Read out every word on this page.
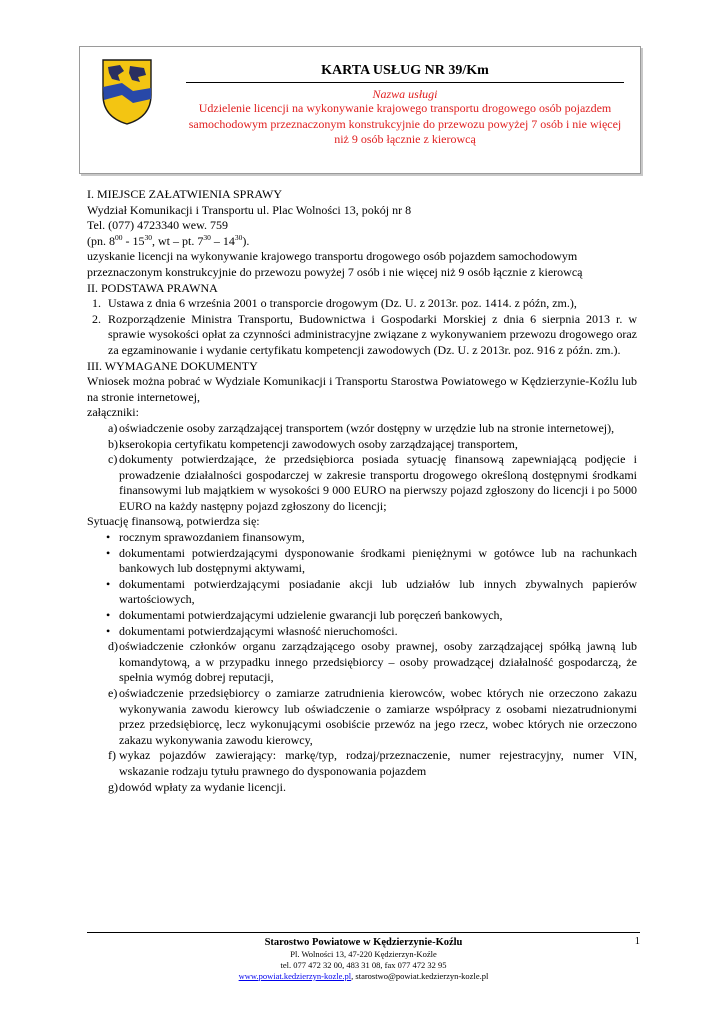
KARTA USŁUG NR 39/Km
Nazwa usługi
Udzielenie licencji na wykonywanie krajowego transportu drogowego osób pojazdem samochodowym przeznaczonym konstrukcyjnie do przewozu powyżej 7 osób i nie więcej niż 9 osób łącznie z kierowcą

I. MIEJSCE ZAŁATWIENIA SPRAWY

Wydział Komunikacji i Transportu ul. Plac Wolności 13, pokój nr 8

Tel. (077) 4723340 wew. 759

(pn. $8^{00} - 15^{30}$, wt – pt. $7^{30} - 14^{30}$).

uzyskanie licencji na wykonywanie krajowego transportu drogowego osób pojazdem samochodowym przeznaczonym konstrukcyjnie do przewozu powyżej 7 osób i nie więcej niż 9 osób łącznie z kierowcą

II. PODSTAWA PRAWNA

1. Ustawa z dnia 6 września 2001 o transporcie drogowym (Dz. U. z 2013r. poz. 1414. z późn, zm.),
2. Rozporządzenie Ministra Transportu, Budownictwa i Gospodarki Morskiej z dnia 6 sierpnia 2013 r. w sprawie wysokości opłat za czynności administracyjne związane z wykonywaniem przewozu drogowego oraz za egzaminowanie i wydanie certyfikatu kompetencji zawodowych (Dz. U. z 2013r. poz. 916 z późn. zm.).

III. WYMAGANE DOKUMENTY

Wniosek można pobrać w Wydziale Komunikacji i Transportu Starostwa Powiatowego w Kędzierzynie-Koźlu lub na stronie internetowej,

załączniki:

a) oświadczenie osoby zarządzającej transportem (wzór dostępny w urzędzie lub na stronie internetowej),
b) kserokopia certyfikatu kompetencji zawodowych osoby zarządzającej transportem,
c) dokumenty potwierdzające, że przedsiębiorca posiada sytuację finansową zapewniającą podjęcie i prowadzenie działalności gospodarczej w zakresie transportu drogowego określoną dostępnymi środkami finansowymi lub majątkiem w wysokości 9 000 EURO na pierwszy pojazd zgłoszony do licencji i po 5000 EURO na każdy następny pojazd zgłoszony do licencji;

Sytuację finansową, potwierdza się:

• rocznym sprawozdaniem finansowym,
• dokumentami potwierdzającymi dysponowanie środkami pieniężnymi w gotówce lub na rachunkach bankowych lub dostępnymi aktywami,
• dokumentami potwierdzającymi posiadanie akcji lub udziałów lub innych zbywalnych papierów wartościowych,
• dokumentami potwierdzającymi udzielenie gwarancji lub poręczeń bankowych,
• dokumentami potwierdzającymi własność nieruchomości.
d) oświadczenie członków organu zarządzającego osoby prawnej, osoby zarządzającej spółką jawną lub komandytową, a w przypadku innego przedsiębiorcy – osoby prowadzącej działalność gospodarczą, że spełnia wymóg dobrej reputacji,
e) oświadczenie przedsiębiorcy o zamiarze zatrudnienia kierowców, wobec których nie orzeczono zakazu wykonywania zawodu kierowcy lub oświadczenie o zamiarze współpracy z osobami niezatrudnionymi przez przedsiębiorcę, lecz wykonującymi osobiście przewóz na jego rzecz, wobec których nie orzeczono zakazu wykonywania zawodu kierowcy,
f) wykaz pojazdów zawierający: markę/typ, rodzaj/przeznaczenie, numer rejestracyjny, numer VIN, wskazanie rodzaju tytułu prawnego do dysponowania pojazdem
g) dowód wpłaty za wydanie licencji.
Starostwo Powiatowe w Kędzierzynie-Koźlu
Pl. Wolności 13, 47-220 Kędzierzyn-Koźle
tel. 077 472 32 00, 483 31 08, fax 077 472 32 95
www.powiat.kedzierzyn-kozle.pl, starostwo@powiat.kedzierzyn-kozle.pl
1
